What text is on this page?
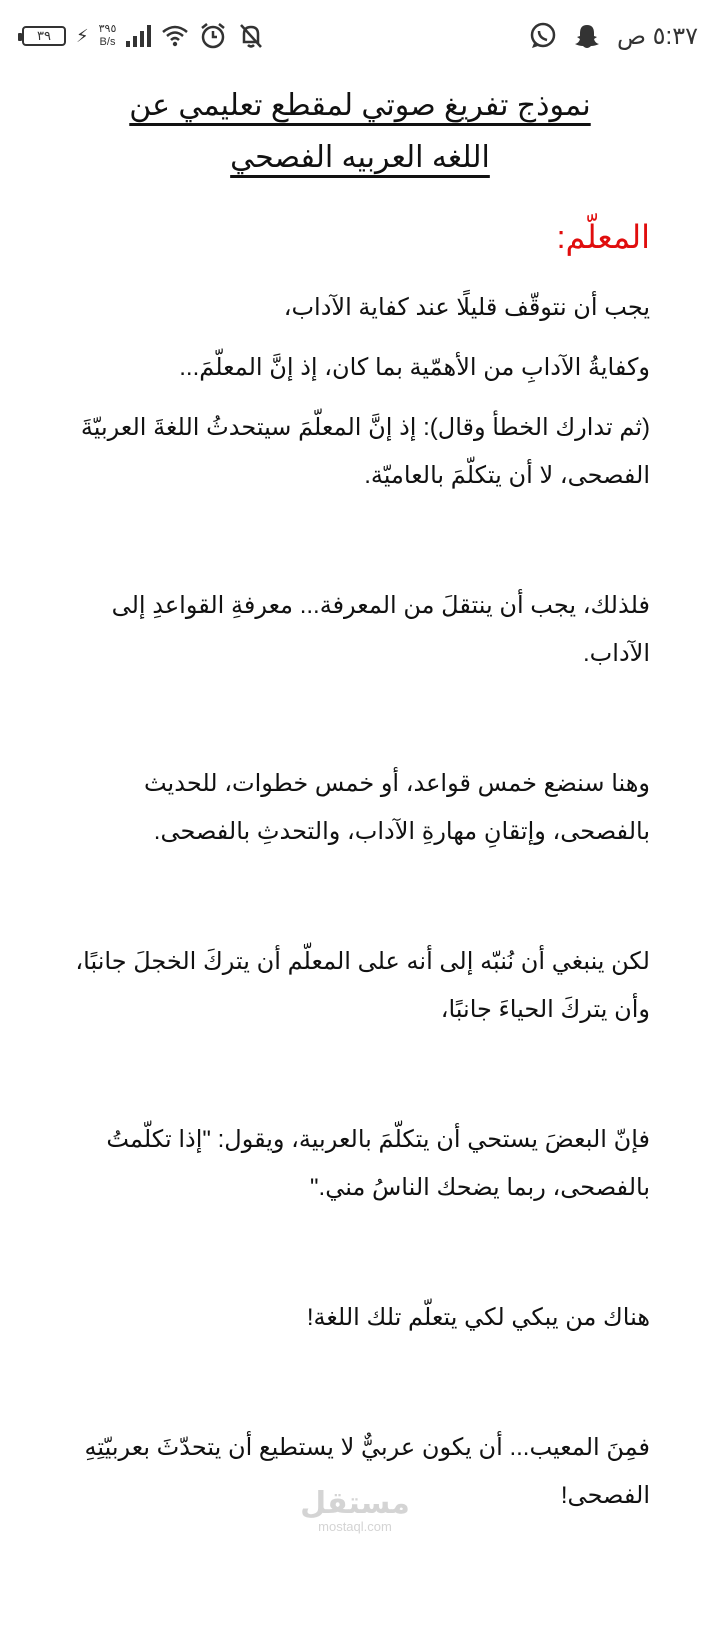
٣٩ ⚡ ٣٩٥
B/s	٥:٣٧ ص
نموذج تفريغ صوتي لمقطع تعليمي عن
اللغه العربيه الفصحي
المعلّم:

يجب أن نتوقّف قليلًا عند كفاية الآداب،

وكفايةُ الآدابِ من الأهمّية بما كان، إذ إنَّ المعلّمَ...

(ثم تدارك الخطأ وقال): إذ إنَّ المعلّمَ سيتحدثُ اللغةَ العربيّةَ الفصحى، لا أن يتكلّمَ بالعاميّة.

فلذلك، يجب أن ينتقلَ من المعرفة... معرفةِ القواعدِ إلى الآداب.

وهنا سنضع خمس قواعد، أو خمس خطوات، للحديث بالفصحى، وإتقانِ مهارةِ الآداب، والتحدثِ بالفصحى.

لكن ينبغي أن نُنبّه إلى أنه على المعلّم أن يتركَ الخجلَ جانبًا، وأن يتركَ الحياءَ جانبًا،

فإنّ البعضَ يستحي أن يتكلّمَ بالعربية، ويقول: "إذا تكلّمتُ بالفصحى، ربما يضحك الناسُ مني."

هناك من يبكي لكي يتعلّم تلك اللغة!

فمِنَ المعيب... أن يكون عربيٌّ لا يستطيع أن يتحدّثَ بعربيّتِهِ الفصحى!

مستقل
mostaql.com
